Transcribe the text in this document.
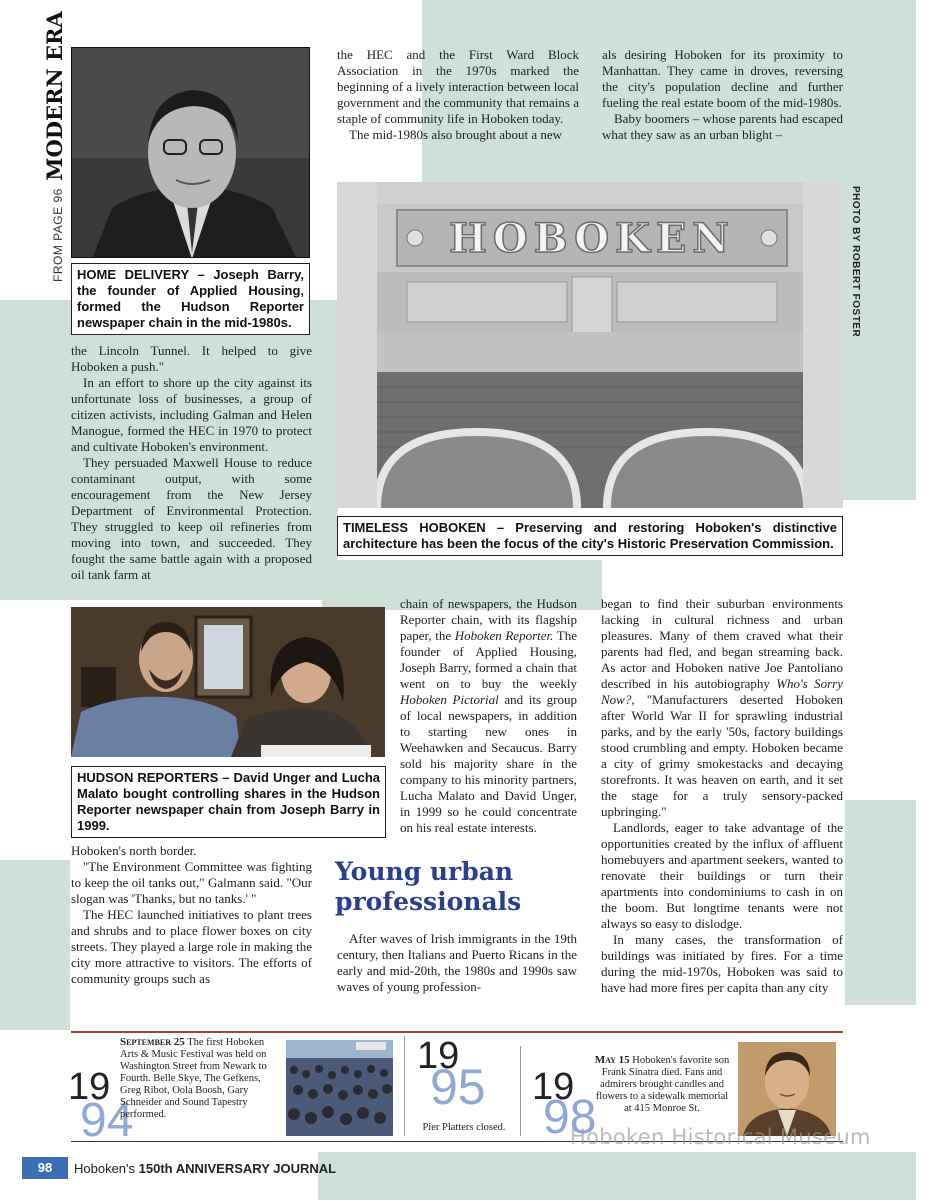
FROM PAGE 96 MODERN ERA
HOME DELIVERY – Joseph Barry, the founder of Applied Housing, formed the Hudson Reporter newspaper chain in the mid-1980s.

the Lincoln Tunnel. It helped to give Hoboken a push."

In an effort to shore up the city against its unfortunate loss of businesses, a group of citizen activists, including Galman and Helen Manogue, formed the HEC in 1970 to protect and cultivate Hoboken's environment.

They persuaded Maxwell House to reduce contaminant output, with some encouragement from the New Jersey Department of Environmental Protection. They struggled to keep oil refineries from moving into town, and succeeded. They fought the same battle again with a proposed oil tank farm at

the HEC and the First Ward Block Association in the 1970s marked the beginning of a lively interaction between local government and the community that remains a staple of community life in Hoboken today.

The mid-1980s also brought about a new

als desiring Hoboken for its proximity to Manhattan. They came in droves, reversing the city's population decline and further fueling the real estate boom of the mid-1980s.

Baby boomers – whose parents had escaped what they saw as an urban blight –

PHOTO BY ROBERT FOSTER
HOBOKEN
TIMELESS HOBOKEN – Preserving and restoring Hoboken's distinctive architecture has been the focus of the city's Historic Preservation Commission.
HUDSON REPORTERS – David Unger and Lucha Malato bought controlling shares in the Hudson Reporter newspaper chain from Joseph Barry in 1999.

Hoboken's north border.

"The Environment Committee was fighting to keep the oil tanks out," Galmann said. "Our slogan was 'Thanks, but no tanks.' "

The HEC launched initiatives to plant trees and shrubs and to place flower boxes on city streets. They played a large role in making the city more attractive to visitors. The efforts of community groups such as

chain of newspapers, the Hudson Reporter chain, with its flagship paper, the Hoboken Reporter. The founder of Applied Housing, Joseph Barry, formed a chain that went on to buy the weekly Hoboken Pictorial and its group of local newspapers, in addition to starting new ones in Weehawken and Secaucus. Barry sold his majority share in the company to his minority partners, Lucha Malato and David Unger, in 1999 so he could concentrate on his real estate interests.

Young urban professionals

After waves of Irish immigrants in the 19th century, then Italians and Puerto Ricans in the early and mid-20th, the 1980s and 1990s saw waves of young profession-

began to find their suburban environments lacking in cultural richness and urban pleasures. Many of them craved what their parents had fled, and began streaming back. As actor and Hoboken native Joe Pantoliano described in his autobiography Who's Sorry Now?, "Manufacturers deserted Hoboken after World War II for sprawling industrial parks, and by the early '50s, factory buildings stood crumbling and empty. Hoboken became a city of grimy smokestacks and decaying storefronts. It was heaven on earth, and it set the stage for a truly sensory-packed upbringing."

Landlords, eager to take advantage of the opportunities created by the influx of affluent homebuyers and apartment seekers, wanted to renovate their buildings or turn their apartments into condominiums to cash in on the boom. But longtime tenants were not always so easy to dislodge.

In many cases, the transformation of buildings was initiated by fires. For a time during the mid-1970s, Hoboken was said to have had more fires per capita than any city

19
94
September 25 The first Hoboken Arts & Music Festival was held on Washington Street from Newark to Fourth. Belle Skye, The Gefkens, Greg Ribot, Oola Boosh, Gary Schneider and Sound Tapestry performed.
19
95
Pier Platters closed.
19
98
May 15 Hoboken's favorite son Frank Sinatra died. Fans and admirers brought candles and flowers to a sidewalk memorial at 415 Monroe St.
Hoboken Historical Museum
98	Hoboken's 150th ANNIVERSARY JOURNAL
